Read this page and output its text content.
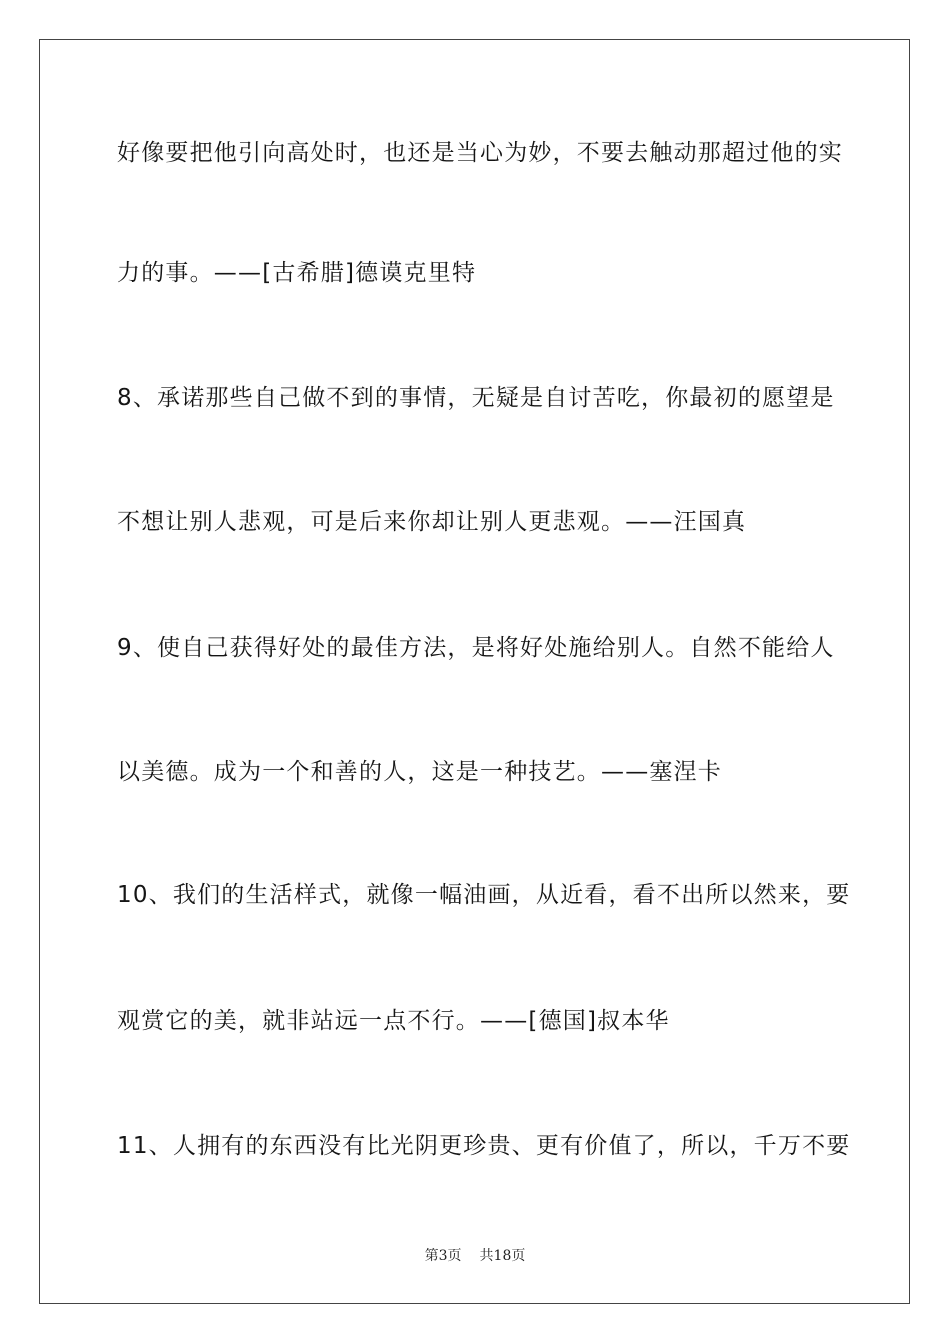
好像要把他引向高处时，也还是当心为妙，不要去触动那超过他的实
力的事。——[古希腊]德谟克里特
8、承诺那些自己做不到的事情，无疑是自讨苦吃，你最初的愿望是
不想让别人悲观，可是后来你却让别人更悲观。——汪国真
9、使自己获得好处的最佳方法，是将好处施给别人。自然不能给人
以美德。成为一个和善的人，这是一种技艺。——塞涅卡
10、我们的生活样式，就像一幅油画，从近看，看不出所以然来，要
观赏它的美，就非站远一点不行。——[德国]叔本华
11、人拥有的东西没有比光阴更珍贵、更有价值了，所以，千万不要
第3页 共18页
